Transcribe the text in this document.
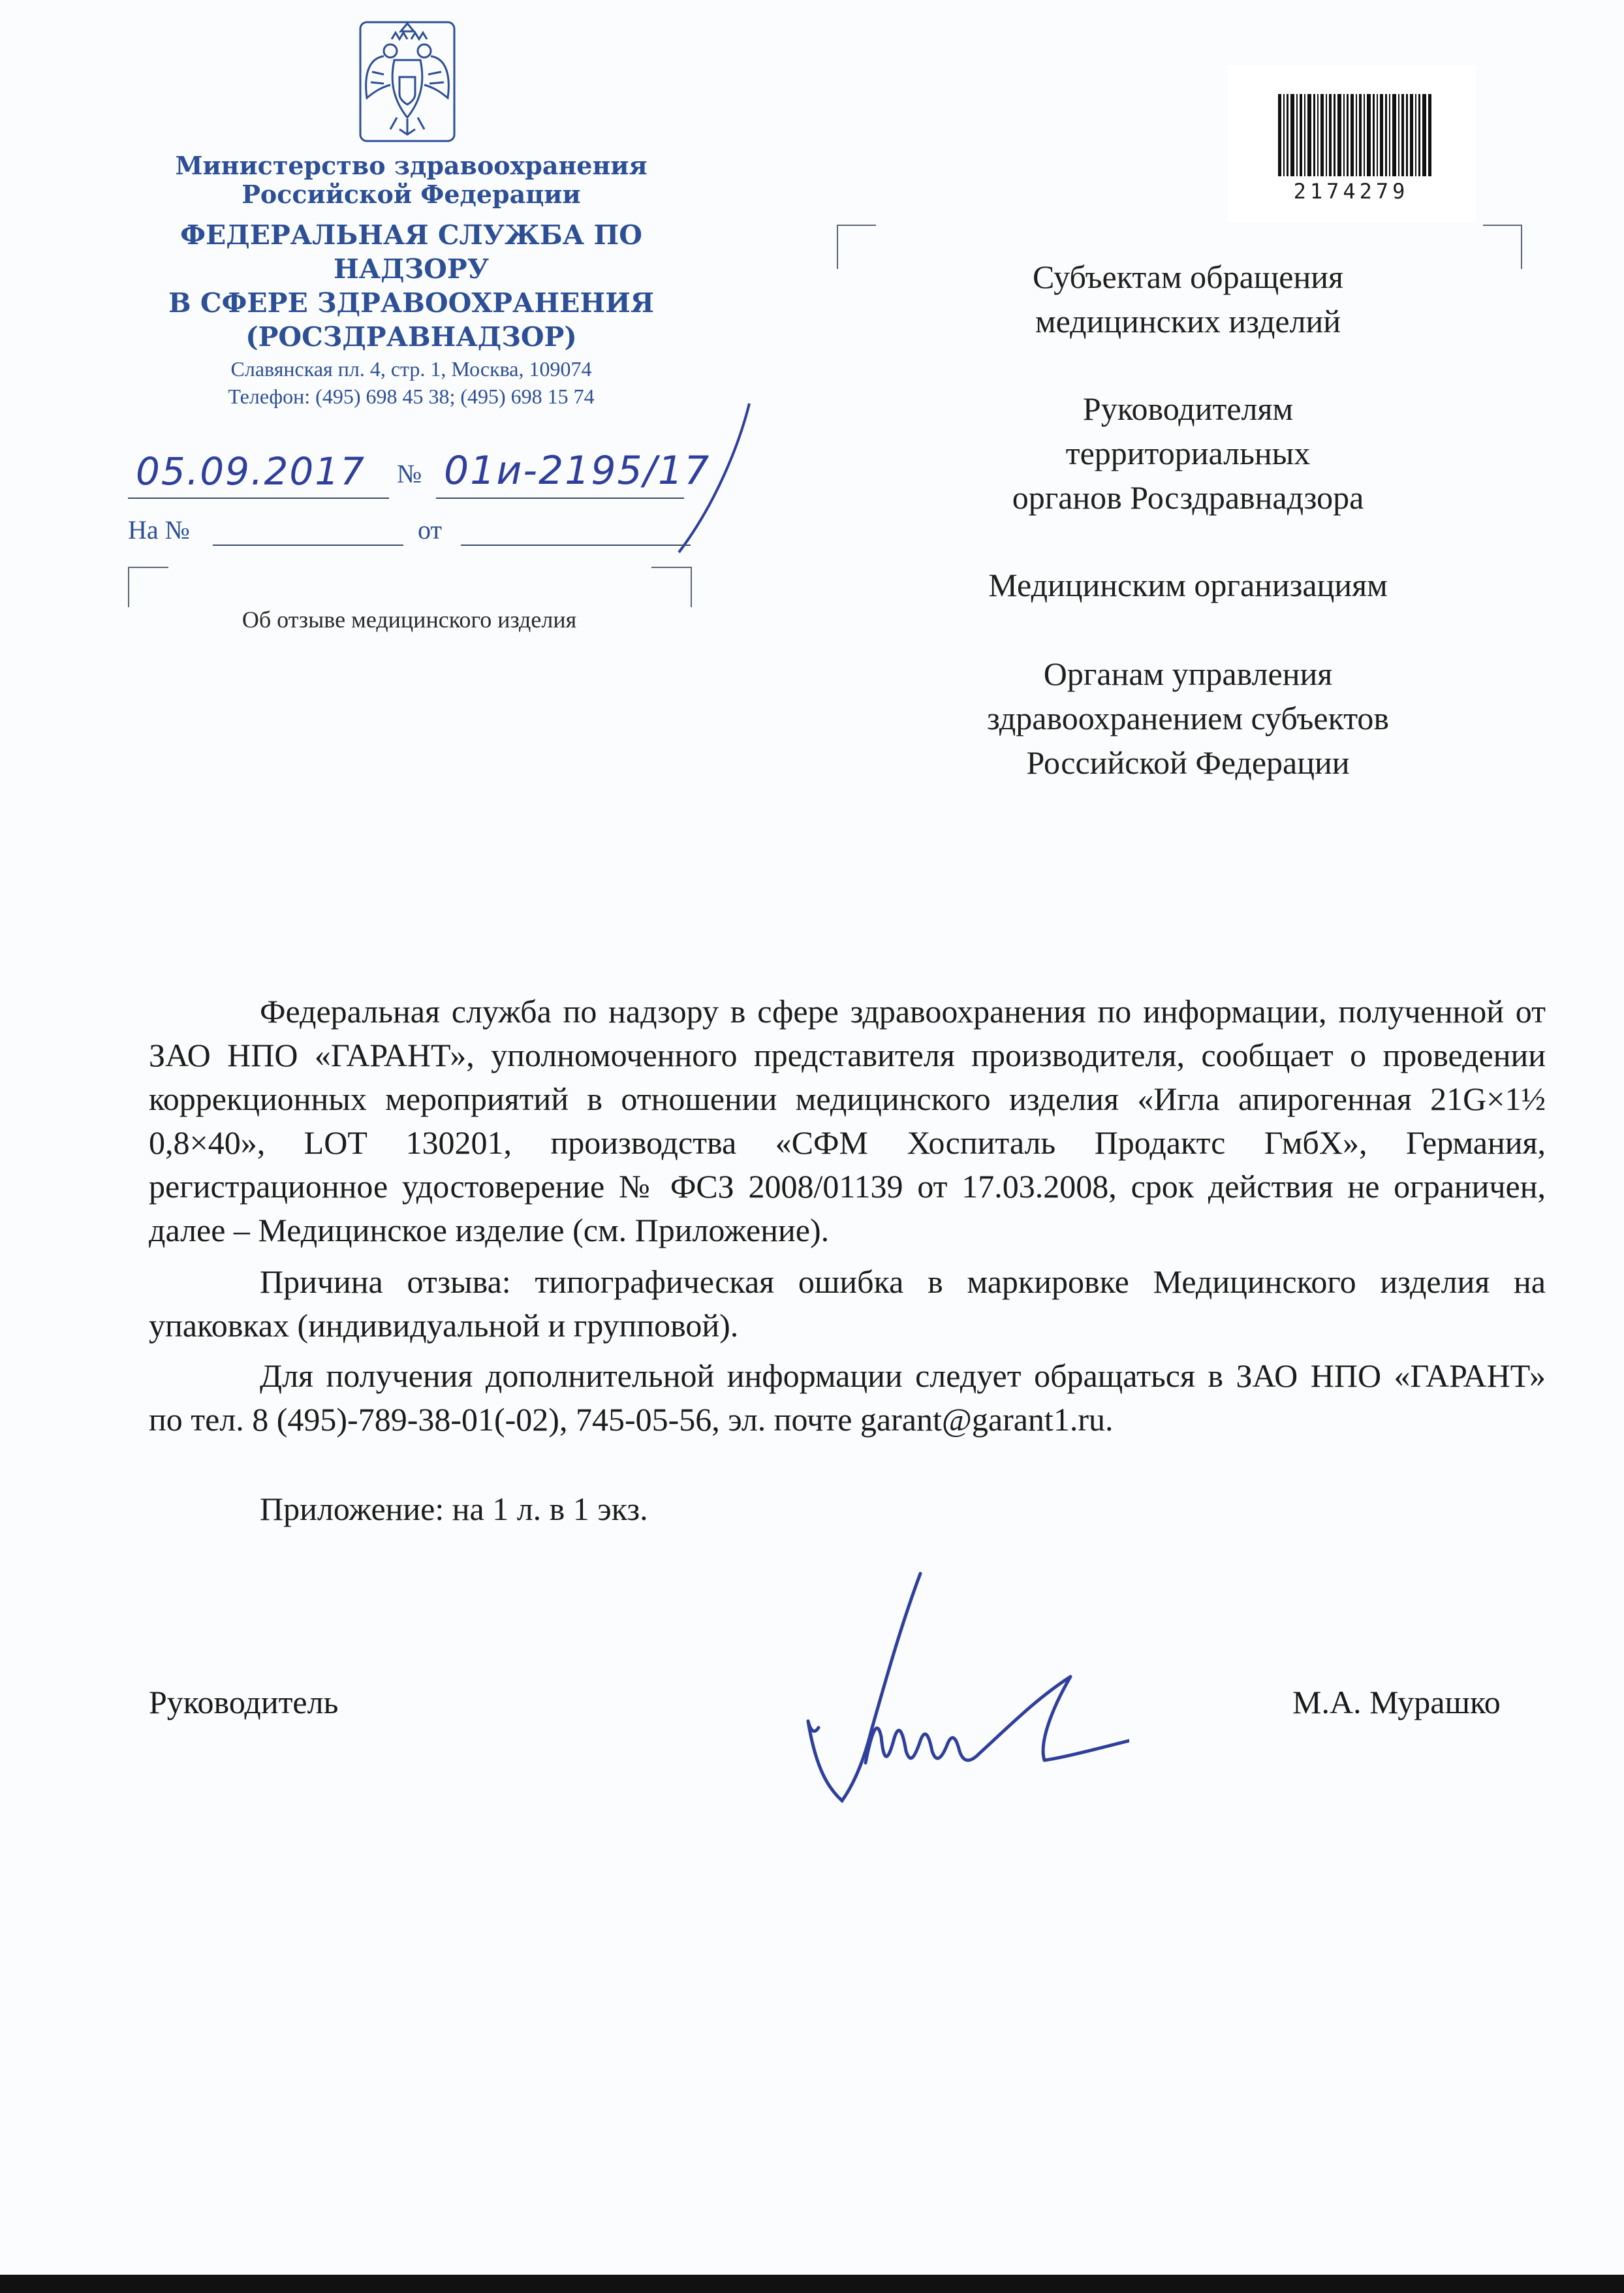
Министерство здравоохранения
Российской Федерации
ФЕДЕРАЛЬНАЯ СЛУЖБА ПО НАДЗОРУ
В СФЕРЕ ЗДРАВООХРАНЕНИЯ
(РОСЗДРАВНАДЗОР)
Славянская пл. 4, стр. 1, Москва, 109074
Телефон: (495) 698 45 38; (495) 698 15 74
05.09.2017 № 01и-2195/17
На №	от
Об отзыве медицинского изделия
2174279
Субъектам обращения
медицинских изделий
Руководителям
территориальных
органов Росздравнадзора
Медицинским организациям
Органам управления
здравоохранением субъектов
Российской Федерации

Федеральная служба по надзору в сфере здравоохранения по информации, полученной от ЗАО НПО «ГАРАНТ», уполномоченного представителя производителя, сообщает о проведении коррекционных мероприятий в отношении медицинского изделия «Игла апирогенная 21G×1½ 0,8×40», LOT 130201, производства «СФМ Хоспиталь Продактс ГмбХ», Германия, регистрационное удостоверение № ФСЗ 2008/01139 от 17.03.2008, срок действия не ограничен, далее – Медицинское изделие (см. Приложение).

Причина отзыва: типографическая ошибка в маркировке Медицинского изделия на упаковках (индивидуальной и групповой).

Для получения дополнительной информации следует обращаться в ЗАО НПО «ГАРАНТ» по тел. 8 (495)-789-38-01(-02), 745-05-56, эл. почте garant@garant1.ru.

Приложение: на 1 л. в 1 экз.

Руководитель	М.А. Мурашко
